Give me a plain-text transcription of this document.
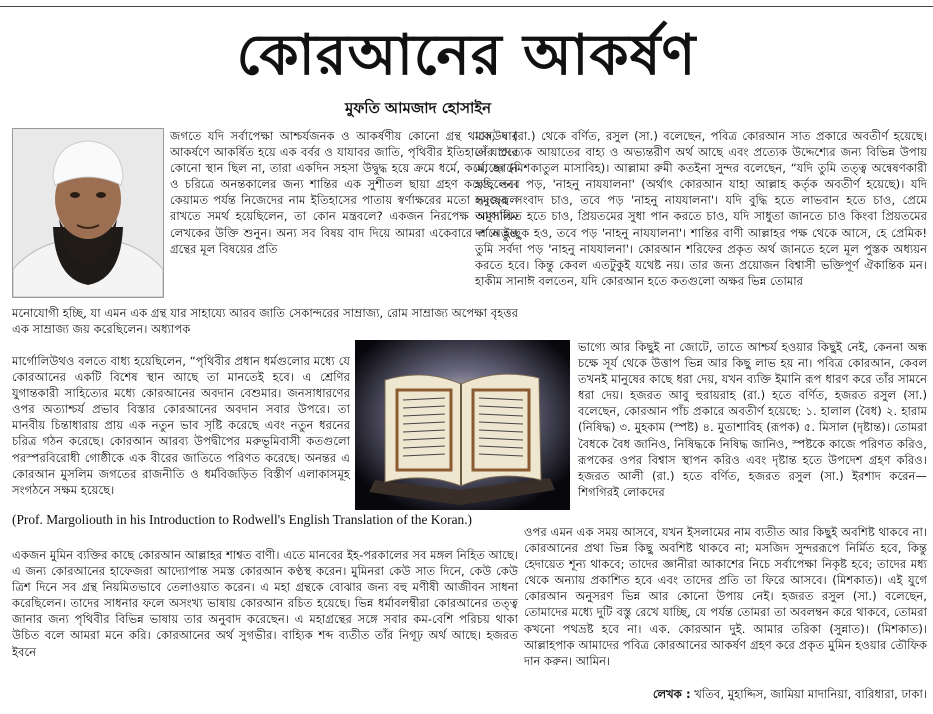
কোরআনের আকর্ষণ
মুফতি আমজাদ হোসাইন

জগতে যদি সর্বাপেক্ষা আশ্চর্যজনক ও আকর্ষণীয় কোনো গ্রন্থ থাকে, যার আকর্ষণে আকর্ষিত হয়ে এক বর্বর ও যাযাবর জাতি, পৃথিবীর ইতিহাসে যাদের কোনো স্থান ছিল না, তারা একদিন সহসা উদ্বুদ্ধ হয়ে ক্রমে ধর্মে, কর্মে, জ্ঞানে ও চরিত্রে অনন্তকালের জন্য শান্তির এক সুশীতল ছায়া গ্রহণ করেছিলেন। কেয়ামত পর্যন্ত নিজেদের নাম ইতিহাসের পাতায় স্বর্ণাক্ষরের মতো সমুজ্জ্বল রাখতে সমর্থ হয়েছিলেন, তা কোন মন্ত্রবলে? একজন নিরপেক্ষ অমুসলিম লেখকের উক্তি শুনুন। অন্য সব বিষয় বাদ দিয়ে আমরা একেবারে এ অদ্ভুত গ্রন্থের মূল বিষয়ের প্রতি

মনোযোগী হচ্ছি, যা এমন এক গ্রন্থ যার সাহায্যে আরব জাতি সেকান্দরের সাম্রাজ্য, রোম সাম্রাজ্য অপেক্ষা বৃহত্তর এক সাম্রাজ্য জয় করেছিলেন। অধ্যাপক

মার্গোলিউথও বলতে বাধ্য হয়েছিলেন, “পৃথিবীর প্রধান ধর্মগুলোর মধ্যে যে কোরআনের একটি বিশেষ স্থান আছে তা মানতেই হবে। এ শ্রেণির যুগান্তকারী সাহিত্যের মধ্যে কোরআনের অবদান বেশুমার। জনসাধারণের ওপর অত্যাশ্চর্য প্রভাব বিস্তার কোরআনের অবদান সবার উপরে। তা মানবীয় চিন্তাধারায় প্রায় এক নতুন ভাব সৃষ্টি করেছে এবং নতুন ধরনের চরিত্র গঠন করেছে। কোরআন আরব্য উপদ্বীপের মরুভূমিবাসী কতগুলো পরস্পরবিরোধী গোষ্ঠীকে এক বীরের জাতিতে পরিণত করেছে। অনন্তর এ কোরআন মুসলিম জগতের রাজনীতি ও ধর্মবিজড়িত বিস্তীর্ণ এলাকাসমূহ সংগঠনে সক্ষম হয়েছে।

(Prof. Margoliouth in his Introduction to Rodwell's English Translation of the Koran.)

একজন মুমিন ব্যক্তির কাছে কোরআন আল্লাহর শাশ্বত বাণী। এতে মানবের ইহ-পরকালের সব মঙ্গল নিহিত আছে। এ জন্য কোরআনের হাফেজরা আদ্যোপান্ত সমস্ত কোরআন কণ্ঠস্থ করেন। মুমিনরা কেউ সাত দিনে, কেউ কেউ ত্রিশ দিনে সব গ্রন্থ নিয়মিতভাবে তেলাওয়াত করেন। এ মহা গ্রন্থকে বোঝার জন্য বহু মণীষী আজীবন সাধনা করেছিলেন। তাদের সাধনার ফলে অসংখ্য ভাষায় কোরআন রচিত হয়েছে। ভিন্ন ধর্মাবলম্বীরা কোরআনের তত্ত্ব জানার জন্য পৃথিবীর বিভিন্ন ভাষায় তার অনুবাদ করেছেন। এ মহাগ্রন্থের সঙ্গে সবার কম-বেশি পরিচয় থাকা উচিত বলে আমরা মনে করি। কোরআনের অর্থ সুগভীর। বাহ্যিক শব্দ ব্যতীত তাঁর নিগূঢ় অর্থ আছে। হজরত ইবনে

মাসউদ (রা.) থেকে বর্ণিত, রসুল (সা.) বলেছেন, পবিত্র কোরআন সাত প্রকারে অবতীর্ণ হয়েছে। তাঁর প্রত্যেক আয়াতের বাহ্য ও অভ্যন্তরীণ অর্থ আছে এবং প্রত্যেক উদ্দেশ্যের জন্য বিভিন্ন উপায় আছে। (মিশকাতুল মাসাবিহ)। আল্লামা রুমী কতইনা সুন্দর বলেছেন, “যদি তুমি তত্ত্ব অন্বেষণকারী হও, তবে পড়, 'নাহনু নাযযালনা' (অর্থাৎ কোরআন যাহা আল্লাহ কর্তৃক অবতীর্ণ হয়েছে)। যদি হৃদয়ের সংবাদ চাও, তবে পড় 'নাহনু নাযযালনা'। যদি বুদ্ধি হতে লাভবান হতে চাও, প্রেমে আপ্যায়িত হতে চাও, প্রিয়তমের সুধা পান করতে চাও, যদি সাধুতা জানতে চাও কিংবা প্রিয়তমের দর্শনে ইচ্ছুক হও, তবে পড় 'নাহনু নাযযালনা'। শান্তির বাণী আল্লাহর পক্ষ থেকে আসে, হে প্রেমিক! তুমি সর্বদা পড় 'নাহনু নাযযালনা'। কোরআন শরিফের প্রকৃত অর্থ জানতে হলে মূল পুস্তক অধ্যয়ন করতে হবে। কিন্তু কেবল এতটুকুই যথেষ্ট নয়। তার জন্য প্রয়োজন বিশ্বাসী ভক্তিপূর্ণ ঐকান্তিক মন। হাকীম সানাঈ বলতেন, যদি কোরআন হতে কতগুলো অক্ষর ভিন্ন তোমার

ভাগ্যে আর কিছুই না জোটে, তাতে আশ্চর্য হওয়ার কিছুই নেই, কেননা অন্ধ চক্ষে সূর্য থেকে উত্তাপ ভিন্ন আর কিছু লাভ হয় না। পবিত্র কোরআন, কেবল তখনই মানুষের কাছে ধরা দেয়, যখন ব্যক্তি ইমানি রূপ ধারণ করে তাঁর সামনে ধরা দেয়। হজরত আবু হুরায়রাহ (রা.) হতে বর্ণিত, হজরত রসুল (সা.) বলেছেন, কোরআন পাঁচ প্রকারে অবতীর্ণ হয়েছে: ১. হালাল (বৈধ) ২. হারাম (নিষিদ্ধ) ৩. মুহকাম (স্পষ্ট) ৪. মুতাশাবিহ (রূপক) ৫. মিসাল (দৃষ্টান্ত)। তোমরা বৈধকে বৈধ জানিও, নিষিদ্ধকে নিষিদ্ধ জানিও, স্পষ্টকে কাজে পরিণত করিও, রূপকের ওপর বিশ্বাস স্থাপন করিও এবং দৃষ্টান্ত হতে উপদেশ গ্রহণ করিও। হজরত আলী (রা.) হতে বর্ণিত, হজরত রসুল (সা.) ইরশাদ করেন— শিগগিরই লোকদের

ওপর এমন এক সময় আসবে, যখন ইসলামের নাম ব্যতীত আর কিছুই অবশিষ্ট থাকবে না। কোরআনের প্রথা ভিন্ন কিছু অবশিষ্ট থাকবে না; মসজিদ সুন্দররূপে নির্মিত হবে, কিন্তু হেদায়েত শূন্য থাকবে; তাদের জ্ঞানীরা আকাশের নিচে সর্বাপেক্ষা নিকৃষ্ট হবে; তাদের মধ্য থেকে অন্যায় প্রকাশিত হবে এবং তাদের প্রতি তা ফিরে আসবে। (মিশকাত)। এই যুগে কোরআন অনুসরণ ভিন্ন আর কোনো উপায় নেই। হজরত রসুল (সা.) বলেছেন, তোমাদের মধ্যে দুটি বস্তু রেখে যাচ্ছি, যে পর্যন্ত তোমরা তা অবলম্বন করে থাকবে, তোমরা কখনো পথভ্রষ্ট হবে না। এক. কোরআন দুই. আমার তরিকা (সুন্নাত)। (মিশকাত)। আল্লাহপাক আমাদের পবিত্র কোরআনের আকর্ষণ গ্রহণ করে প্রকৃত মুমিন হওয়ার তৌফিক দান করুন। আমিন।

লেখক : খতিব, মুহাদ্দিস, জামিয়া মাদানিয়া, বারিধারা, ঢাকা।
